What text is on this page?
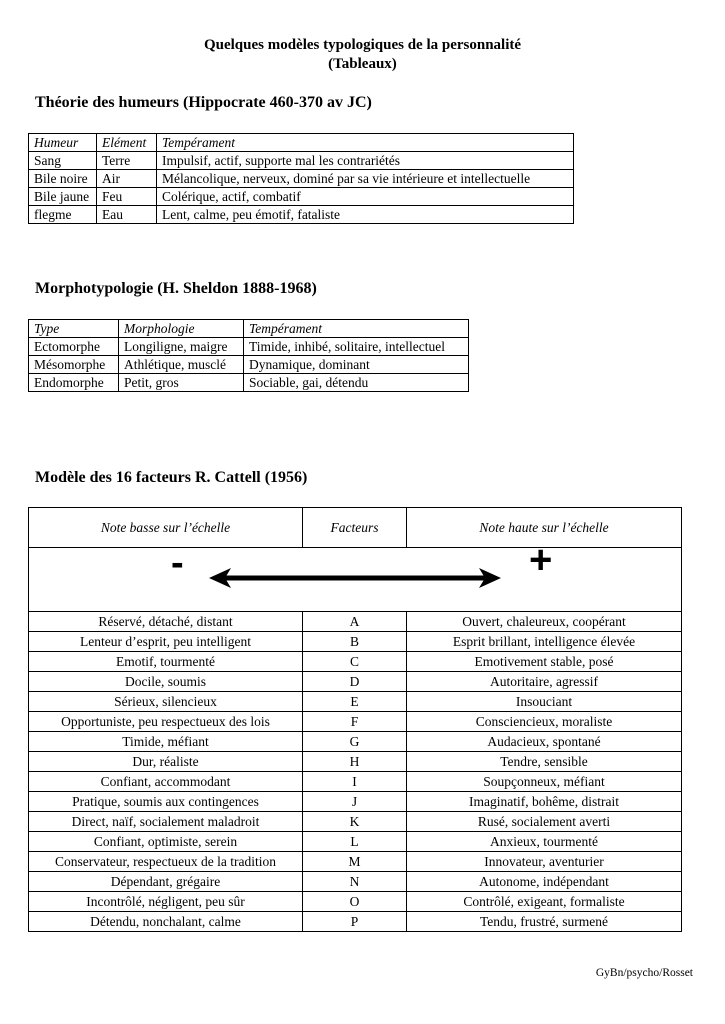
Quelques modèles typologiques de la personnalité
(Tableaux)
Théorie des humeurs (Hippocrate 460-370 av JC)
Humeur	Elément	Tempérament
Sang	Terre	Impulsif, actif, supporte mal les contrariétés
Bile noire	Air	Mélancolique, nerveux, dominé par sa vie intérieure et intellectuelle
Bile jaune	Feu	Colérique, actif, combatif
flegme	Eau	Lent, calme, peu émotif, fataliste
Morphotypologie (H. Sheldon 1888-1968)
Type	Morphologie	Tempérament
Ectomorphe	Longiligne, maigre	Timide, inhibé, solitaire, intellectuel
Mésomorphe	Athlétique, musclé	Dynamique, dominant
Endomorphe	Petit, gros	Sociable, gai, détendu
Modèle des 16 facteurs R. Cattell (1956)
Note basse sur l’échelle	Facteurs	Note haute sur l’échelle

- +		

Réservé, détaché, distant	A	Ouvert, chaleureux, coopérant
Lenteur d’esprit, peu intelligent	B	Esprit brillant, intelligence élevée
Emotif, tourmenté	C	Emotivement stable, posé
Docile, soumis	D	Autoritaire, agressif
Sérieux, silencieux	E	Insouciant
Opportuniste, peu respectueux des lois	F	Consciencieux, moraliste
Timide, méfiant	G	Audacieux, spontané
Dur, réaliste	H	Tendre, sensible
Confiant, accommodant	I	Soupçonneux, méfiant
Pratique, soumis aux contingences	J	Imaginatif, bohême, distrait
Direct, naïf, socialement maladroit	K	Rusé, socialement averti
Confiant, optimiste, serein	L	Anxieux, tourmenté
Conservateur, respectueux de la tradition	M	Innovateur, aventurier
Dépendant, grégaire	N	Autonome, indépendant
Incontrôlé, négligent, peu sûr	O	Contrôlé, exigeant, formaliste
Détendu, nonchalant, calme	P	Tendu, frustré, surmené
GyBn/psycho/Rosset
